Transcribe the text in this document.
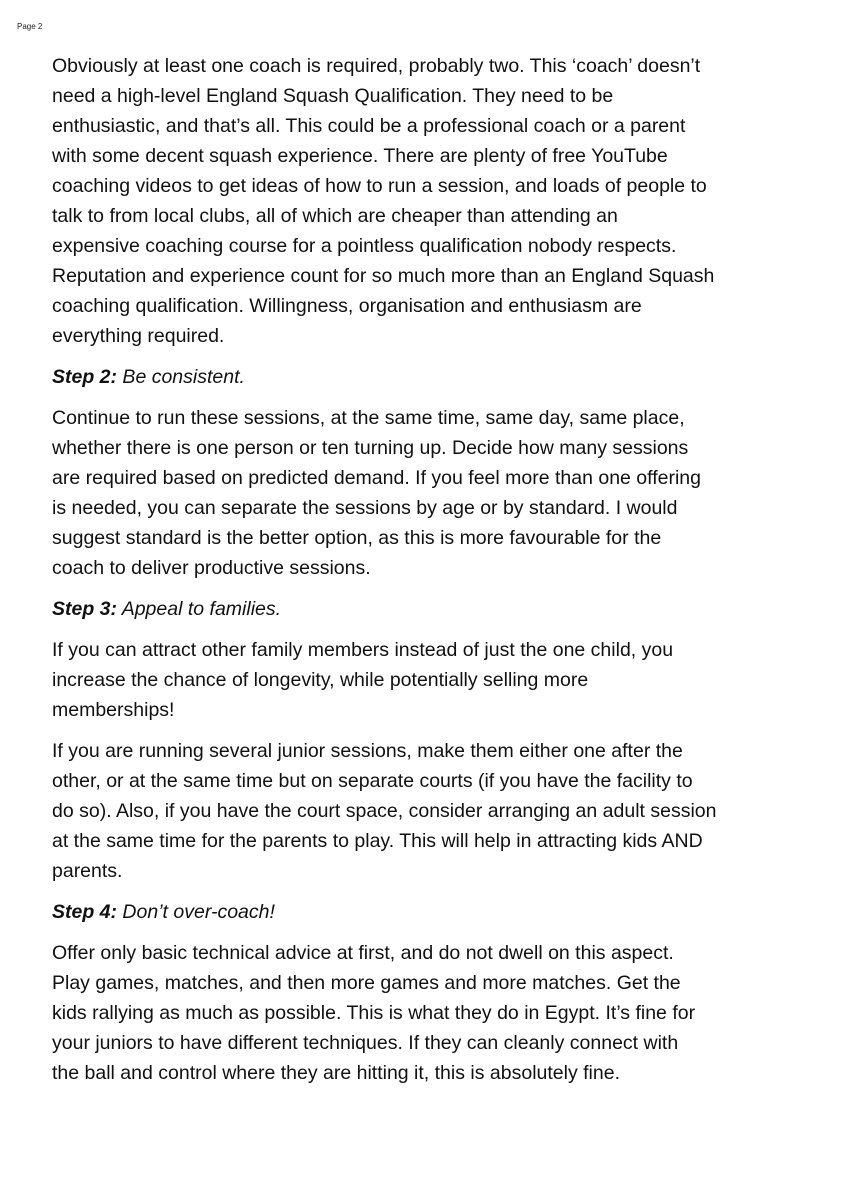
Page 2

Obviously at least one coach is required, probably two. This ‘coach’ doesn’t
need a high-level England Squash Qualification. They need to be
enthusiastic, and that’s all. This could be a professional coach or a parent
with some decent squash experience. There are plenty of free YouTube
coaching videos to get ideas of how to run a session, and loads of people to
talk to from local clubs, all of which are cheaper than attending an
expensive coaching course for a pointless qualification nobody respects.
Reputation and experience count for so much more than an England Squash
coaching qualification. Willingness, organisation and enthusiasm are
everything required.

Step 2: Be consistent.

Continue to run these sessions, at the same time, same day, same place,
whether there is one person or ten turning up. Decide how many sessions
are required based on predicted demand. If you feel more than one offering
is needed, you can separate the sessions by age or by standard. I would
suggest standard is the better option, as this is more favourable for the
coach to deliver productive sessions.

Step 3: Appeal to families.

If you can attract other family members instead of just the one child, you
increase the chance of longevity, while potentially selling more
memberships!

If you are running several junior sessions, make them either one after the
other, or at the same time but on separate courts (if you have the facility to
do so). Also, if you have the court space, consider arranging an adult session
at the same time for the parents to play. This will help in attracting kids AND
parents.

Step 4: Don’t over-coach!

Offer only basic technical advice at first, and do not dwell on this aspect.
Play games, matches, and then more games and more matches. Get the
kids rallying as much as possible. This is what they do in Egypt. It’s fine for
your juniors to have different techniques. If they can cleanly connect with
the ball and control where they are hitting it, this is absolutely fine.
